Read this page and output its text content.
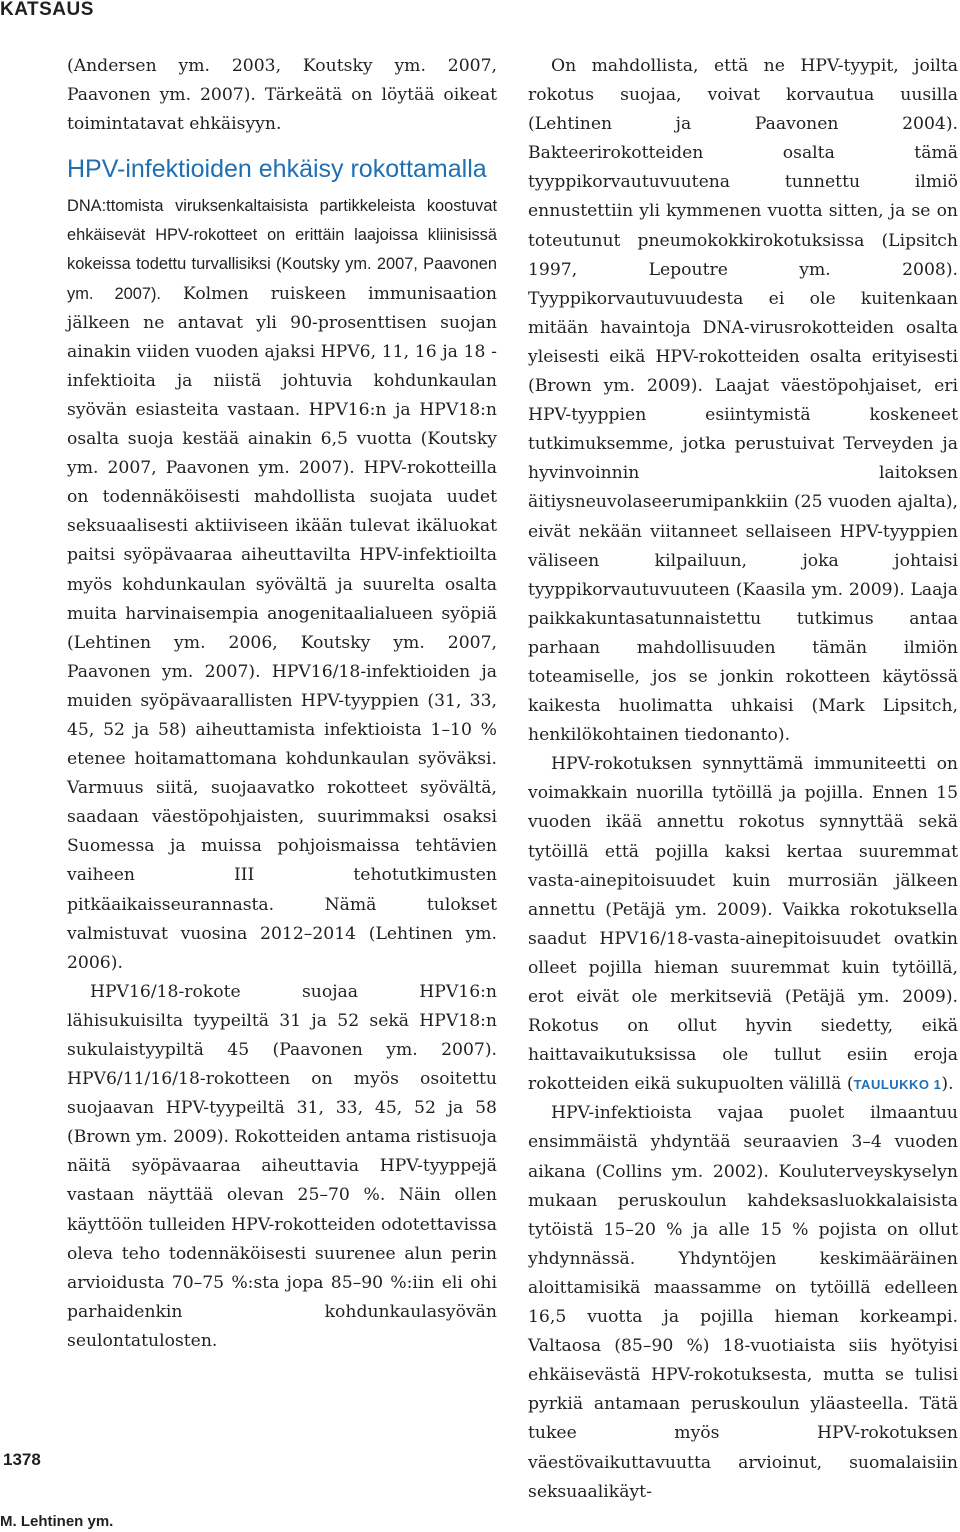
KATSAUS

(Andersen ym. 2003, Koutsky ym. 2007, Paavonen ym. 2007). Tärkeätä on löytää oikeat toimintatavat ehkäisyyn.

HPV-infektioiden ehkäisy rokottamalla

DNA:ttomista viruksenkaltaisista partikkeleista koostuvat ehkäisevät HPV-rokotteet on erittäin laajoissa kliinisissä kokeissa todettu turvallisiksi (Koutsky ym. 2007, Paavonen ym. 2007). Kolmen ruiskeen immunisaation jälkeen ne antavat yli 90-prosenttisen suojan ainakin viiden vuoden ajaksi HPV6, 11, 16 ja 18 -infektioita ja niistä johtuvia kohdunkaulan syövän esiasteita vastaan. HPV16:n ja HPV18:n osalta suoja kestää ainakin 6,5 vuotta (Koutsky ym. 2007, Paavonen ym. 2007). HPV-rokotteilla on todennäköisesti mahdollista suojata uudet seksuaalisesti aktiiviseen ikään tulevat ikäluokat paitsi syöpävaaraa aiheuttavilta HPV-infektioilta myös kohdunkaulan syövältä ja suurelta osalta muita harvinaisempia anogenitaalialueen syöpiä (Lehtinen ym. 2006, Koutsky ym. 2007, Paavonen ym. 2007). HPV16/18-infektioiden ja muiden syöpävaarallisten HPV-tyyppien (31, 33, 45, 52 ja 58) aiheuttamista infektioista 1–10 % etenee hoitamattomana kohdunkaulan syöväksi. Varmuus siitä, suojaavatko rokotteet syövältä, saadaan väestöpohjaisten, suurimmaksi osaksi Suomessa ja muissa pohjoismaissa tehtävien vaiheen III tehotutkimusten pitkäaikaisseurannasta. Nämä tulokset valmistuvat vuosina 2012–2014 (Lehtinen ym. 2006).

HPV16/18-rokote suojaa HPV16:n lähisukuisilta tyypeiltä 31 ja 52 sekä HPV18:n sukulaistyypiltä 45 (Paavonen ym. 2007). HPV6/11/16/18-rokotteen on myös osoitettu suojaavan HPV-tyypeiltä 31, 33, 45, 52 ja 58 (Brown ym. 2009). Rokotteiden antama ristisuoja näitä syöpävaaraa aiheuttavia HPV-tyyppejä vastaan näyttää olevan 25–70 %. Näin ollen käyttöön tulleiden HPV-rokotteiden odotettavissa oleva teho todennäköisesti suurenee alun perin arvioidusta 70–75 %:sta jopa 85–90 %:iin eli ohi parhaidenkin kohdunkaulasyövän seulontatulosten.

On mahdollista, että ne HPV-tyypit, joilta rokotus suojaa, voivat korvautua uusilla (Lehtinen ja Paavonen 2004). Bakteerirokotteiden osalta tämä tyyppikorvautuvuutena tunnettu ilmiö ennustettiin yli kymmenen vuotta sitten, ja se on toteutunut pneumokokkirokotuksissa (Lipsitch 1997, Lepoutre ym. 2008). Tyyppikorvautuvuudesta ei ole kuitenkaan mitään havaintoja DNA-virusrokotteiden osalta yleisesti eikä HPV-rokotteiden osalta erityisesti (Brown ym. 2009). Laajat väestöpohjaiset, eri HPV-tyyppien esiintymistä koskeneet tutkimuksemme, jotka perustuivat Terveyden ja hyvinvoinnin laitoksen äitiysneuvolaseerumipankkiin (25 vuoden ajalta), eivät nekään viitanneet sellaiseen HPV-tyyppien väliseen kilpailuun, joka johtaisi tyyppikorvautuvuuteen (Kaasila ym. 2009). Laaja paikkakuntasatunnaistettu tutkimus antaa parhaan mahdollisuuden tämän ilmiön toteamiselle, jos se jonkin rokotteen käytössä kaikesta huolimatta uhkaisi (Mark Lipsitch, henkilökohtainen tiedonanto).

HPV-rokotuksen synnyttämä immuniteetti on voimakkain nuorilla tytöillä ja pojilla. Ennen 15 vuoden ikää annettu rokotus synnyttää sekä tytöillä että pojilla kaksi kertaa suuremmat vasta-ainepitoisuudet kuin murrosiän jälkeen annettu (Petäjä ym. 2009). Vaikka rokotuksella saadut HPV16/18-vasta-ainepitoisuudet ovatkin olleet pojilla hieman suuremmat kuin tytöillä, erot eivät ole merkitseviä (Petäjä ym. 2009). Rokotus on ollut hyvin siedetty, eikä haittavaikutuksissa ole tullut esiin eroja rokotteiden eikä sukupuolten välillä (TAULUKKO 1).

HPV-infektioista vajaa puolet ilmaantuu ensimmäistä yhdyntää seuraavien 3–4 vuoden aikana (Collins ym. 2002). Kouluterveyskyselyn mukaan peruskoulun kahdeksasluokkalaisista tytöistä 15–20 % ja alle 15 % pojista on ollut yhdynnässä. Yhdyntöjen keskimääräinen aloittamisikä maassamme on tytöillä edelleen 16,5 vuotta ja pojilla hieman korkeampi. Valtaosa (85–90 %) 18-vuotiaista siis hyötyisi ehkäisevästä HPV-rokotuksesta, mutta se tulisi pyrkiä antamaan peruskoulun yläasteella. Tätä tukee myös HPV-rokotuksen väestövaikuttavuutta arvioinut, suomalaisiin seksuaalikäyt-

1378
M. Lehtinen ym.
